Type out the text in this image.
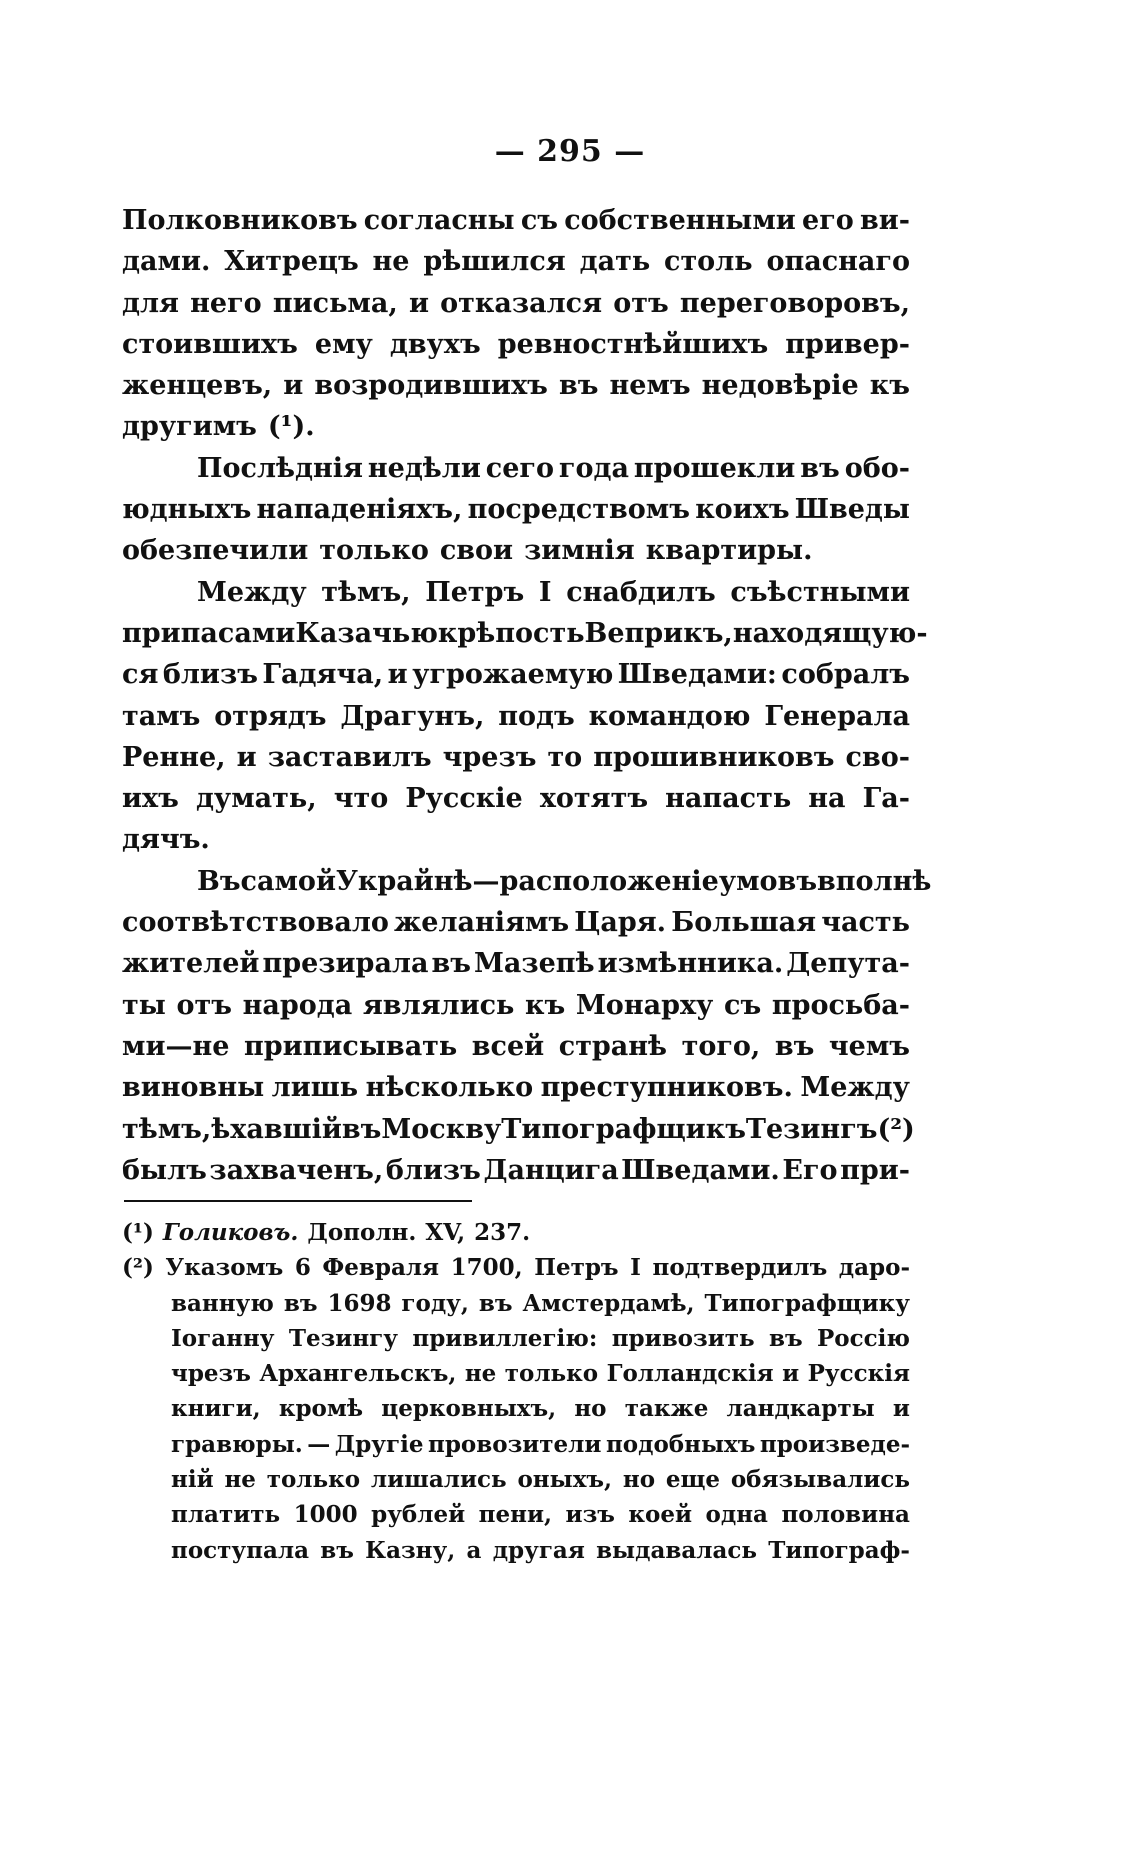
— 295 —
Полковниковъ согласны съ собственными его ви-
дами. Хитрецъ не рѣшился дать столь опаснаго
для него письма, и отказался отъ переговоровъ,
стоившихъ ему двухъ ревностнѣйшихъ привер-
женцевъ, и возродившихъ въ немъ недовѣріе къ
другимъ (¹).
Послѣднія недѣли сего года прошекли въ обо-
юдныхъ нападеніяхъ, посредствомъ коихъ Шведы
обезпечили только свои зимнія квартиры.
Между тѣмъ, Петръ I снабдилъ съѣстными
припасами Казачью крѣпость Веприкъ, находящую-
ся близъ Гадяча, и угрожаемую Шведами: собралъ
тамъ отрядъ Драгунъ, подъ командою Генерала
Ренне, и заставилъ чрезъ то прошивниковъ сво-
ихъ думать, что Русскіе хотятъ напасть на Га-
дячъ.
Въ самой Украйнѣ—расположеніе умовъ вполнѣ
соотвѣтствовало желаніямъ Царя. Большая часть
жителей презирала въ Мазепѣ измѣнника. Депута-
ты отъ народа являлись къ Монарху съ просьба-
ми—не приписывать всей странѣ того, въ чемъ
виновны лишь нѣсколько преступниковъ. Между
тѣмъ, ѣхавшій въ Москву Типографщикъ Тезингъ(²)
былъ захваченъ, близъ Данцига Шведами. Его при-
(¹) Голиковъ. Дополн. XV, 237.
(²) Указомъ 6 Февраля 1700, Петръ I подтвердилъ даро-
ванную въ 1698 году, въ Амстердамѣ, Типографщику
Іоганну Тезингу привиллегію: привозить въ Россію
чрезъ Архангельскъ, не только Голландскія и Русскія
книги, кромѣ церковныхъ, но также ландкарты и
гравюры. — Другіе провозители подобныхъ произведе-
ній не только лишались оныхъ, но еще обязывались
платить 1000 рублей пени, изъ коей одна половина
поступала въ Казну, а другая выдавалась Типограф-
